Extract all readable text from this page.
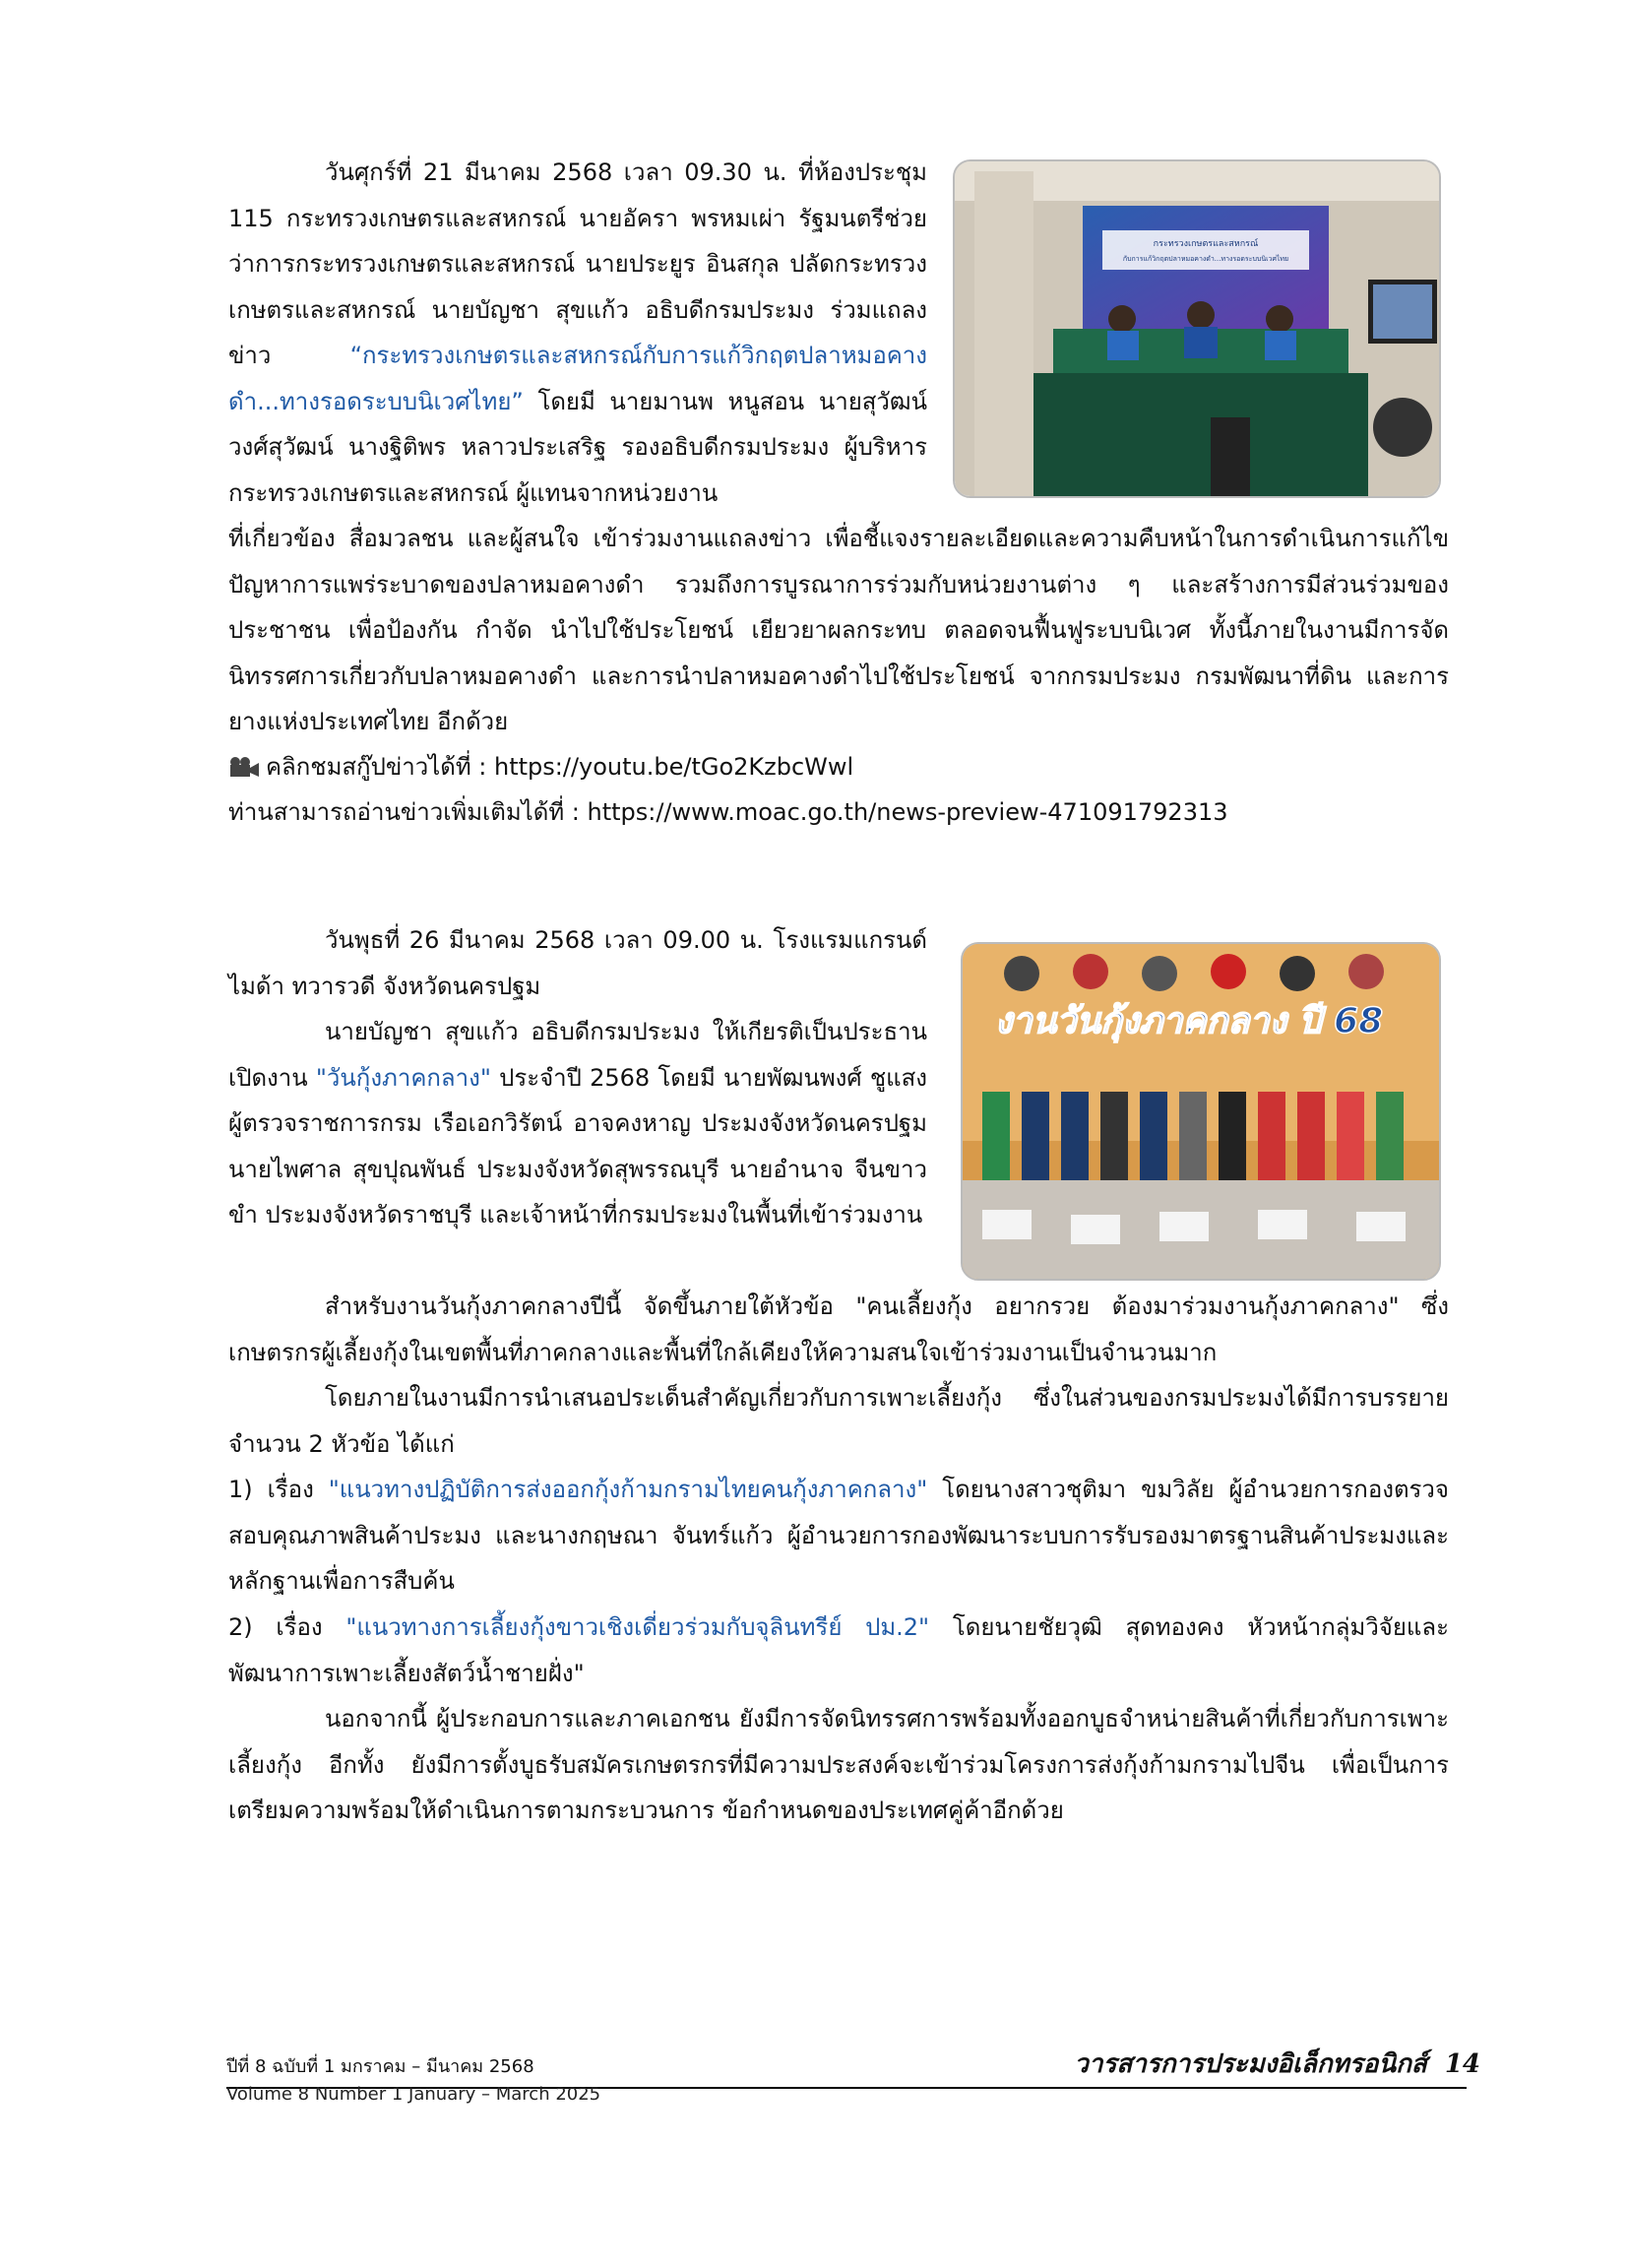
กระทรวงเกษตรและสหกรณ์
กับการแก้วิกฤตปลาหมอคางดำ...ทางรอดระบบนิเวศไทย

วันศุกร์ที่ 21 มีนาคม 2568 เวลา 09.30 น. ที่ห้องประชุม 115 กระทรวงเกษตรและสหกรณ์ นายอัครา พรหมเผ่า รัฐมนตรีช่วยว่าการกระทรวงเกษตรและสหกรณ์ นายประยูร อินสกุล ปลัดกระทรวงเกษตรและสหกรณ์ นายบัญชา สุขแก้ว อธิบดีกรมประมง ร่วมแถลงข่าว	“กระทรวงเกษตรและสหกรณ์กับการแก้วิกฤตปลาหมอคางดำ...ทางรอดระบบนิเวศไทย” โดยมี นายมานพ หนูสอน นายสุวัฒน์ วงศ์สุวัฒน์ นางฐิติพร หลาวประเสริฐ รองอธิบดีกรมประมง ผู้บริหารกระทรวงเกษตรและสหกรณ์ ผู้แทนจากหน่วยงาน

ที่เกี่ยวข้อง สื่อมวลชน และผู้สนใจ เข้าร่วมงานแถลงข่าว เพื่อชี้แจงรายละเอียดและความคืบหน้าในการดำเนินการแก้ไขปัญหาการแพร่ระบาดของปลาหมอคางดำ รวมถึงการบูรณาการร่วมกับหน่วยงานต่าง ๆ และสร้างการมีส่วนร่วมของประชาชน เพื่อป้องกัน กำจัด นำไปใช้ประโยชน์ เยียวยาผลกระทบ ตลอดจนฟื้นฟูระบบนิเวศ ทั้งนี้ภายในงานมีการจัดนิทรรศการเกี่ยวกับปลาหมอคางดำ และการนำปลาหมอคางดำไปใช้ประโยชน์ จากกรมประมง กรมพัฒนาที่ดิน และการยางแห่งประเทศไทย อีกด้วย

คลิกชมสกู๊ปข่าวได้ที่ : https://youtu.be/tGo2KzbcWwl

ท่านสามารถอ่านข่าวเพิ่มเติมได้ที่ : https://www.moac.go.th/news-preview-471091792313

งานวันกุ้งภาคกลาง ปี 68

วันพุธที่ 26 มีนาคม 2568 เวลา 09.00 น. โรงแรมแกรนด์ ไมด้า ทวารวดี จังหวัดนครปฐม

นายบัญชา สุขแก้ว อธิบดีกรมประมง ให้เกียรติเป็นประธานเปิดงาน "วันกุ้งภาคกลาง" ประจำปี 2568 โดยมี นายพัฒนพงศ์ ชูแสง ผู้ตรวจราชการกรม เรือเอกวิรัตน์ อาจคงหาญ ประมงจังหวัดนครปฐม นายไพศาล สุขปุณพันธ์ ประมงจังหวัดสุพรรณบุรี นายอำนาจ จีนขาวขำ ประมงจังหวัดราชบุรี และเจ้าหน้าที่กรมประมงในพื้นที่เข้าร่วมงาน

สำหรับงานวันกุ้งภาคกลางปีนี้ จัดขึ้นภายใต้หัวข้อ "คนเลี้ยงกุ้ง อยากรวย ต้องมาร่วมงานกุ้งภาคกลาง" ซึ่งเกษตรกรผู้เลี้ยงกุ้งในเขตพื้นที่ภาคกลางและพื้นที่ใกล้เคียงให้ความสนใจเข้าร่วมงานเป็นจำนวนมาก

โดยภายในงานมีการนำเสนอประเด็นสำคัญเกี่ยวกับการเพาะเลี้ยงกุ้ง ซึ่งในส่วนของกรมประมงได้มีการบรรยาย จำนวน 2 หัวข้อ ได้แก่

1) เรื่อง "แนวทางปฏิบัติการส่งออกกุ้งก้ามกรามไทยคนกุ้งภาคกลาง" โดยนางสาวชุติมา ขมวิลัย ผู้อำนวยการกองตรวจสอบคุณภาพสินค้าประมง และนางกฤษณา จันทร์แก้ว ผู้อำนวยการกองพัฒนาระบบการรับรองมาตรฐานสินค้าประมงและหลักฐานเพื่อการสืบค้น

2) เรื่อง "แนวทางการเลี้ยงกุ้งขาวเชิงเดี่ยวร่วมกับจุลินทรีย์ ปม.2" โดยนายชัยวุฒิ สุดทองคง หัวหน้ากลุ่มวิจัยและพัฒนาการเพาะเลี้ยงสัตว์น้ำชายฝั่ง"

นอกจากนี้ ผู้ประกอบการและภาคเอกชน ยังมีการจัดนิทรรศการพร้อมทั้งออกบูธจำหน่ายสินค้าที่เกี่ยวกับการเพาะเลี้ยงกุ้ง อีกทั้ง ยังมีการตั้งบูธรับสมัครเกษตรกรที่มีความประสงค์จะเข้าร่วมโครงการส่งกุ้งก้ามกรามไปจีน เพื่อเป็นการเตรียมความพร้อมให้ดำเนินการตามกระบวนการ ข้อกำหนดของประเทศคู่ค้าอีกด้วย

ปีที่ 8 ฉบับที่ 1 มกราคม – มีนาคม 2568
Volume 8 Number 1 January – March 2025
วารสารการประมงอิเล็กทรอนิกส์ 14
